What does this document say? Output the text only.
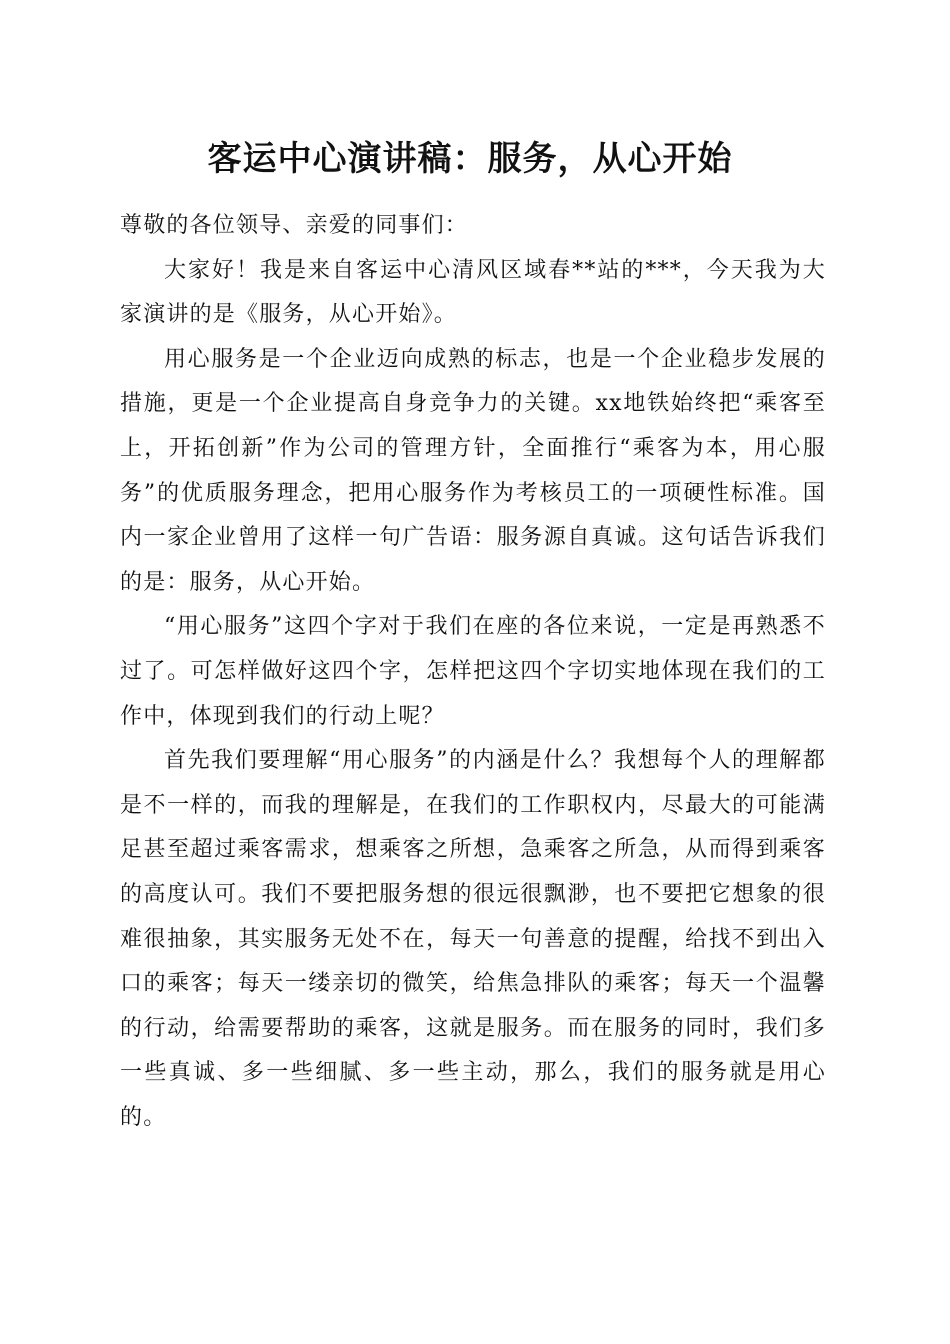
客运中心演讲稿：服务，从心开始

尊敬的各位领导、亲爱的同事们：

大家好！我是来自客运中心清风区域春**站的***，今天我为大家演讲的是《服务，从心开始》。

用心服务是一个企业迈向成熟的标志，也是一个企业稳步发展的措施，更是一个企业提高自身竞争力的关键。xx地铁始终把“乘客至上，开拓创新”作为公司的管理方针，全面推行“乘客为本，用心服务”的优质服务理念，把用心服务作为考核员工的一项硬性标准。国内一家企业曾用了这样一句广告语：服务源自真诚。这句话告诉我们的是：服务，从心开始。

“用心服务”这四个字对于我们在座的各位来说，一定是再熟悉不过了。可怎样做好这四个字，怎样把这四个字切实地体现在我们的工作中，体现到我们的行动上呢？

首先我们要理解“用心服务”的内涵是什么？我想每个人的理解都是不一样的，而我的理解是，在我们的工作职权内，尽最大的可能满足甚至超过乘客需求，想乘客之所想，急乘客之所急，从而得到乘客的高度认可。我们不要把服务想的很远很飘渺，也不要把它想象的很难很抽象，其实服务无处不在，每天一句善意的提醒，给找不到出入口的乘客；每天一缕亲切的微笑，给焦急排队的乘客；每天一个温馨的行动，给需要帮助的乘客，这就是服务。而在服务的同时，我们多一些真诚、多一些细腻、多一些主动，那么，我们的服务就是用心的。
